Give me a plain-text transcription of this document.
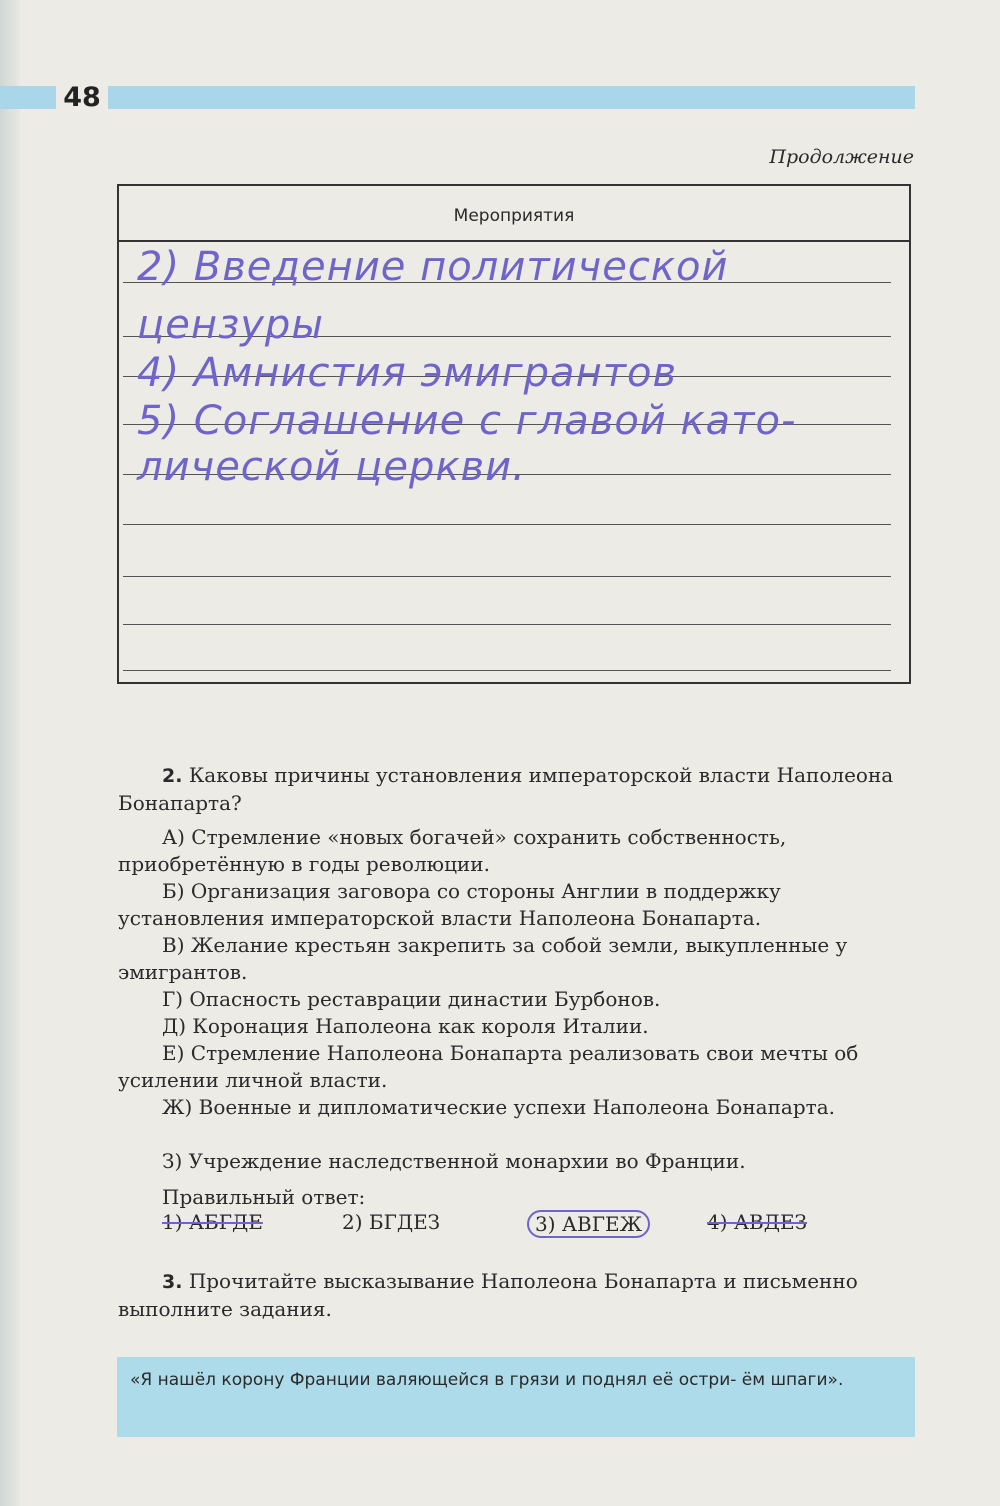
48
Продолжение
Мероприятия
2) Введение политической
цензуры
4) Амнистия эмигрантов
5) Соглашение с главой като-
лической церкви.
2. Каковы причины установления императорской власти Наполеона Бонапарта?
А) Стремление «новых богачей» сохранить собственность, приобретённую в годы революции.
Б) Организация заговора со стороны Англии в поддержку установления императорской власти Наполеона Бонапарта.
В) Желание крестьян закрепить за собой земли, выкупленные у эмигрантов.
Г) Опасность реставрации династии Бурбонов.
Д) Коронация Наполеона как короля Италии.
Е) Стремление Наполеона Бонапарта реализовать свои мечты об усилении личной власти.
Ж) Военные и дипломатические успехи Наполеона Бонапарта.
З) Учреждение наследственной монархии во Франции.
Правильный ответ:
1) АБГДЕ	2) БГДЕЗ	3) АВГЕЖ	4) АВДЕЗ
3. Прочитайте высказывание Наполеона Бонапарта и письменно выполните задания.
«Я нашёл корону Франции валяющейся в грязи и поднял её остри- ём шпаги».
